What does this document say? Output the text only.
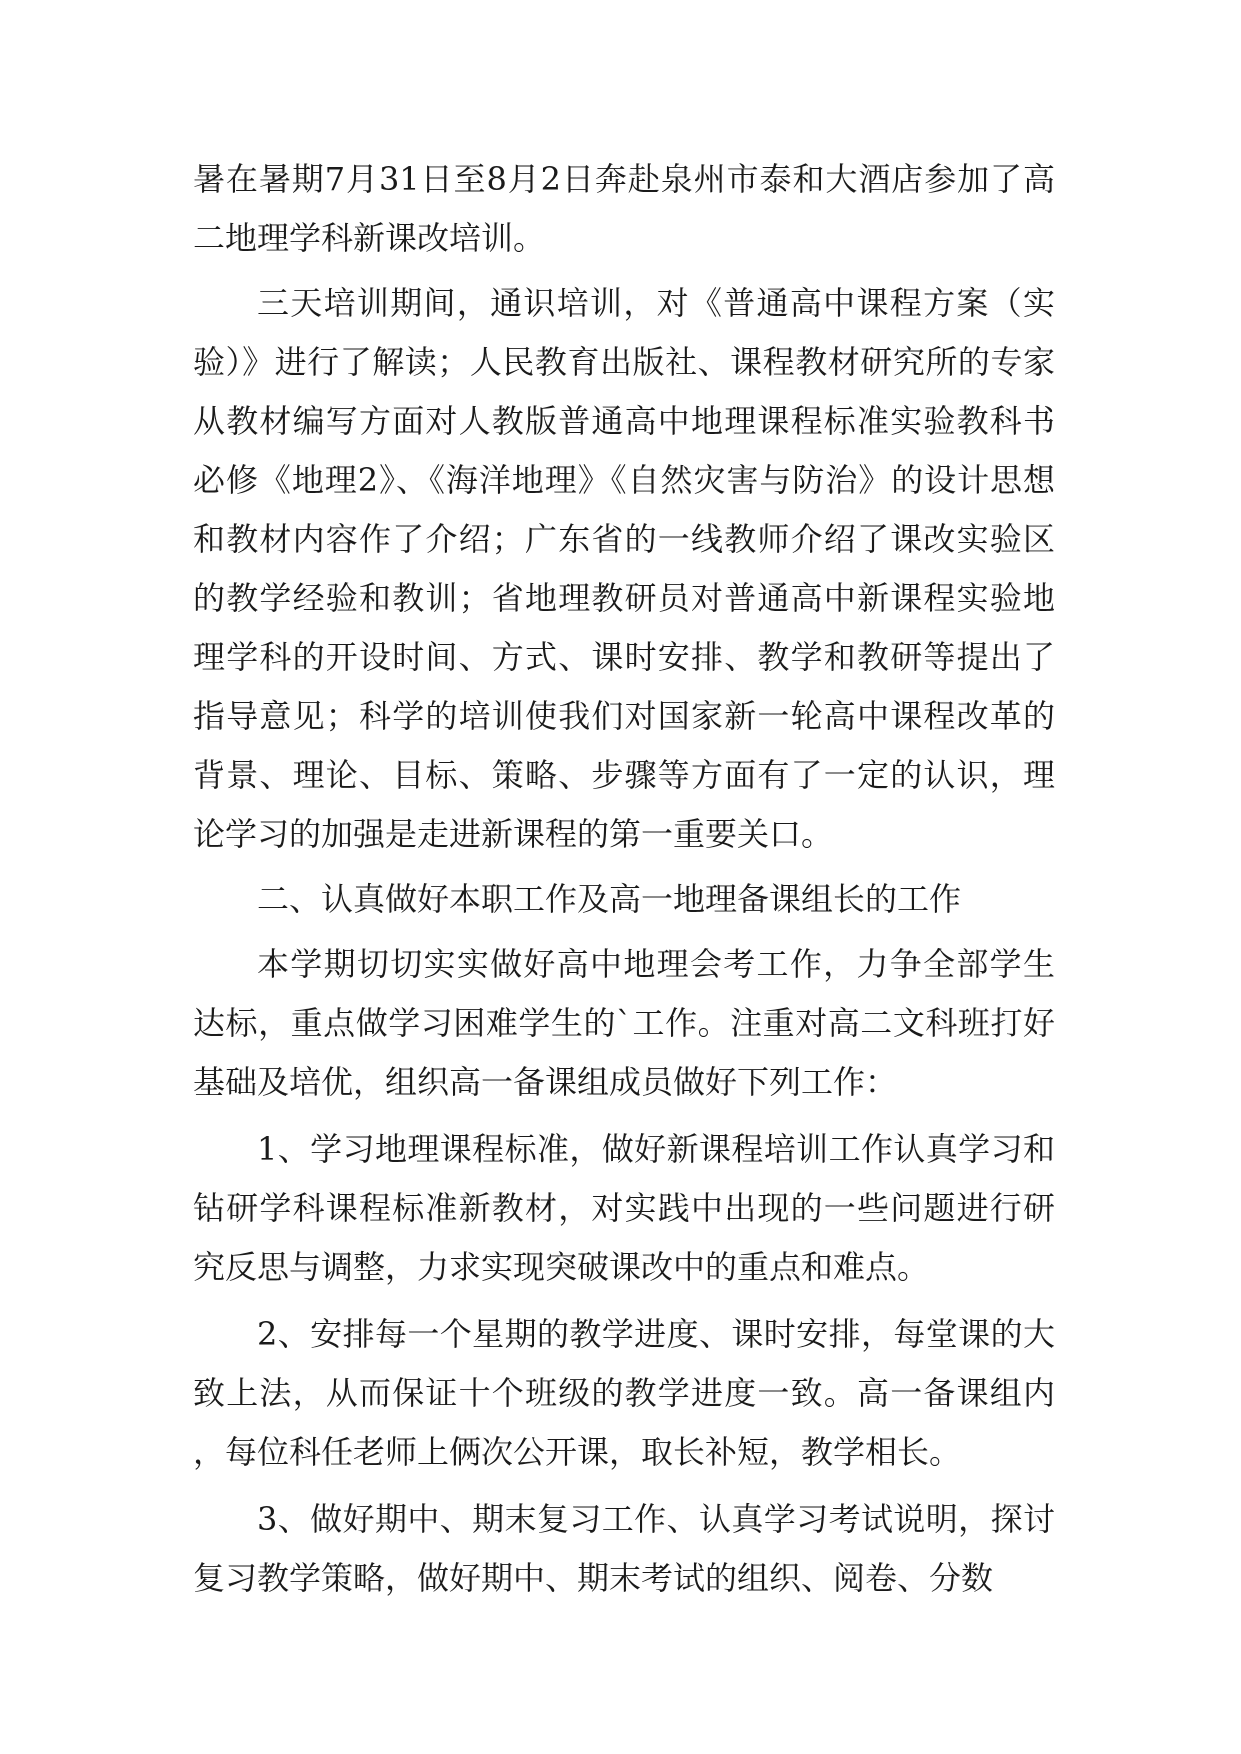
暑在暑期7月31日至8月2日奔赴泉州市泰和大酒店参加了高二地理学科新课改培训。

三天培训期间，通识培训，对《普通高中课程方案（实验）》进行了解读；人民教育出版社、课程教材研究所的专家从教材编写方面对人教版普通高中地理课程标准实验教科书必修《地理2》、《海洋地理》《自然灾害与防治》的设计思想和教材内容作了介绍；广东省的一线教师介绍了课改实验区的教学经验和教训；省地理教研员对普通高中新课程实验地理学科的开设时间、方式、课时安排、教学和教研等提出了指导意见；科学的培训使我们对国家新一轮高中课程改革的背景、理论、目标、策略、步骤等方面有了一定的认识，理论学习的加强是走进新课程的第一重要关口。

二、认真做好本职工作及高一地理备课组长的工作

本学期切切实实做好高中地理会考工作，力争全部学生达标，重点做学习困难学生的`工作。注重对高二文科班打好基础及培优，组织高一备课组成员做好下列工作：

1、学习地理课程标准，做好新课程培训工作认真学习和钻研学科课程标准新教材，对实践中出现的一些问题进行研究反思与调整，力求实现突破课改中的重点和难点。

2、安排每一个星期的教学进度、课时安排，每堂课的大致上法，从而保证十个班级的教学进度一致。高一备课组内，每位科任老师上俩次公开课，取长补短，教学相长。

3、做好期中、期末复习工作、认真学习考试说明，探讨复习教学策略，做好期中、期末考试的组织、阅卷、分数
